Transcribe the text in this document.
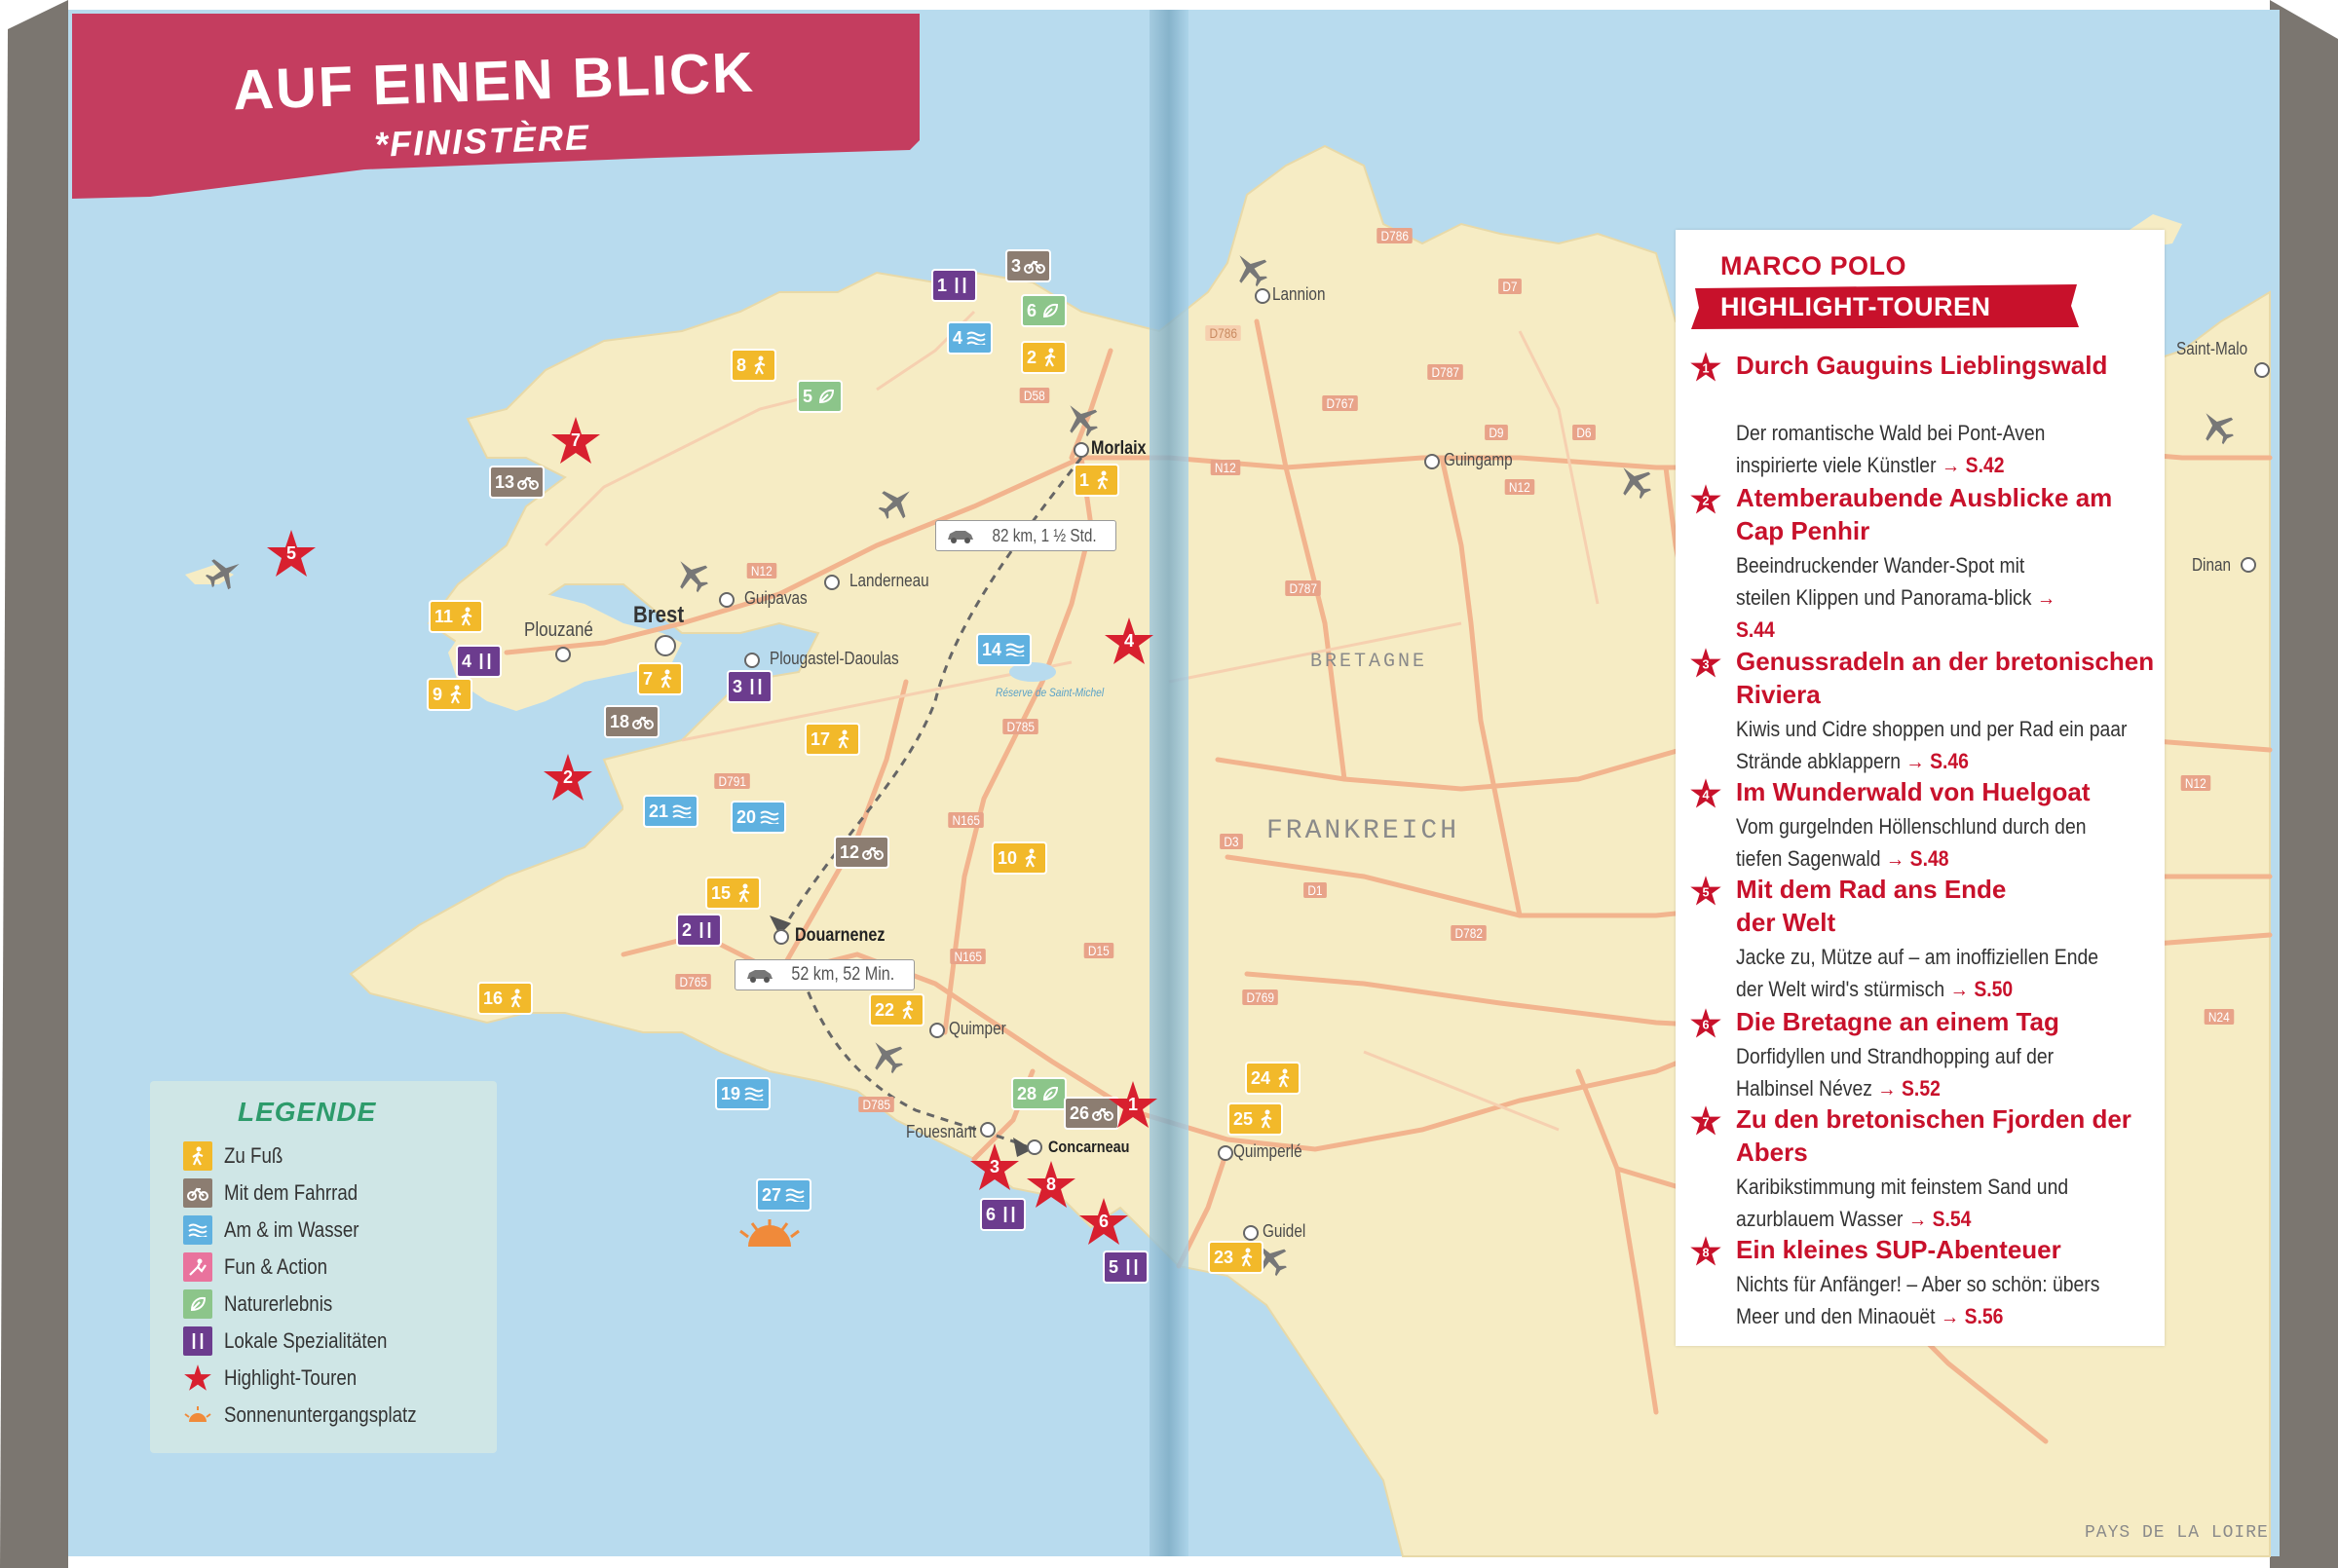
AUF EINEN BLICK
*FINISTÈRE
BRETAGNE
FRANKREICH
PAYS DE LA LOIRE
Réserve de Saint-Michel
Brest
Plouzané
Guipavas
Landerneau
Plougastel-Daoulas
Morlaix
Lannion
Guingamp
Saint-Malo
Dinan
Douarnenez
Quimper
Fouesnant
Concarneau	Quimperlé
Guidel
D786
D7
D786
D787
D767
D9	D6
N12
N12
D58
N12
D787
D785
D791
N165
N165	D15
D765
D785
D3
D1
D782
D769
N12
N24
82 km, 1 ½ Std.
52 km, 52 Min.
1
3
6
4
2
8
5
13	1
11
4
9
7	3
18
14
17
21	20
12	10
15
2
16
22
19	28
26
27
6
5
24
25
23
7
5
2
4
1
3
8
6
LEGENDE
Zu Fuß
Mit dem Fahrrad
Am & im Wasser
Fun & Action
Naturerlebnis
Lokale Spezialitäten
Highlight-Touren
Sonnenuntergangsplatz
MARCO POLO
HIGHLIGHT-TOUREN
1 Durch Gauguins Lieblingswald
Der romantische Wald bei Pont-Aven inspirierte viele Künstler → S.42
2 Atemberaubende Ausblicke am Cap Penhir
Beeindruckender Wander-Spot mit steilen Klippen und Panorama-blick → S.44
3 Genussradeln an der bretonischen Riviera
Kiwis und Cidre shoppen und per Rad ein paar Strände abklappern → S.46
4 Im Wunderwald von Huelgoat
Vom gurgelnden Höllenschlund durch den tiefen Sagenwald → S.48
5 Mit dem Rad ans Ende der Welt
Jacke zu, Mütze auf – am inoffiziellen Ende der Welt wird's stürmisch → S.50
6 Die Bretagne an einem Tag
Dorfidyllen und Strandhopping auf der Halbinsel Névez → S.52
7 Zu den bretonischen Fjorden der Abers
Karibikstimmung mit feinstem Sand und azurblauem Wasser → S.54
8 Ein kleines SUP-Abenteuer
Nichts für Anfänger! – Aber so schön: übers Meer und den Minaouët → S.56
